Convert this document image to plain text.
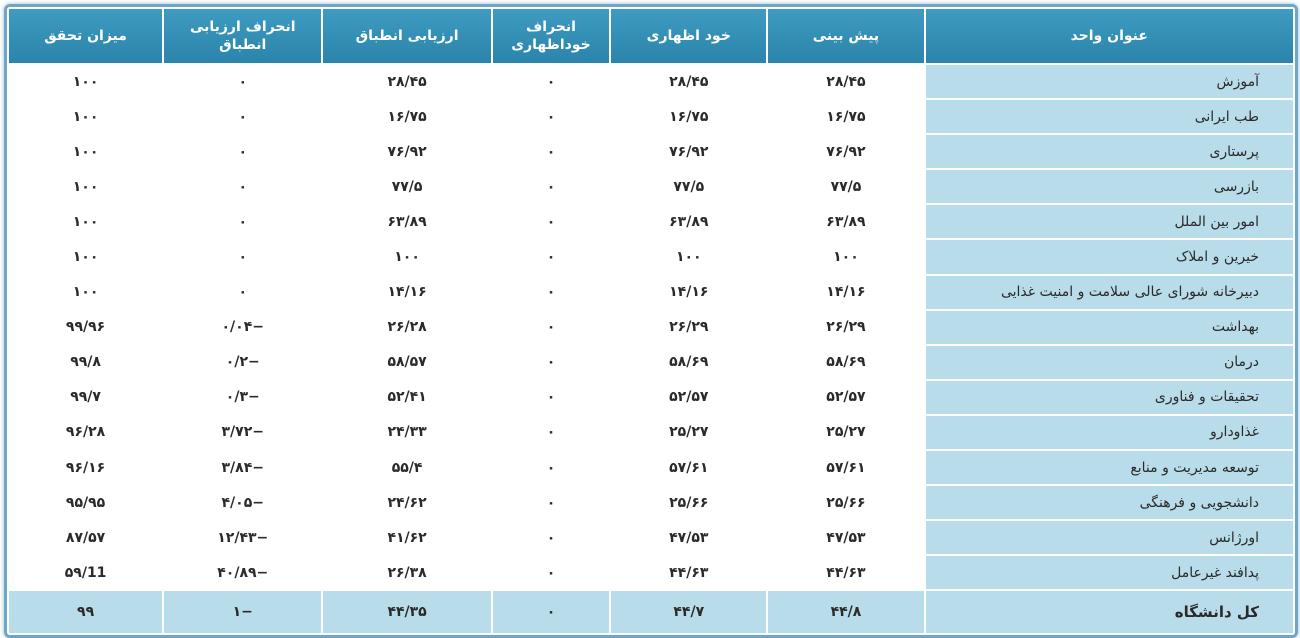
عنوان واحد	پیش بینی	خود اظهاری	انحراف خوداظهاری	ارزیابی انطباق	انحراف ارزیابی انطباق	میزان تحقق
آموزش	۲۸/۴۵	۲۸/۴۵	۰	۲۸/۴۵	۰	۱۰۰
طب ایرانی	۱۶/۷۵	۱۶/۷۵	۰	۱۶/۷۵	۰	۱۰۰
پرستاری	۷۶/۹۲	۷۶/۹۲	۰	۷۶/۹۲	۰	۱۰۰
بازرسی	۷۷/۵	۷۷/۵	۰	۷۷/۵	۰	۱۰۰
امور بین الملل	۶۳/۸۹	۶۳/۸۹	۰	۶۳/۸۹	۰	۱۰۰
خیرین و املاک	۱۰۰	۱۰۰	۰	۱۰۰	۰	۱۰۰
دبیرخانه شورای عالی سلامت و امنیت غذایی	۱۴/۱۶	۱۴/۱۶	۰	۱۴/۱۶	۰	۱۰۰
بهداشت	۲۶/۲۹	۲۶/۲۹	۰	۲۶/۲۸	−۰/۰۴	۹۹/۹۶
درمان	۵۸/۶۹	۵۸/۶۹	۰	۵۸/۵۷	−۰/۲	۹۹/۸
تحقیقات و فناوری	۵۲/۵۷	۵۲/۵۷	۰	۵۲/۴۱	−۰/۳	۹۹/۷
غذاودارو	۲۵/۲۷	۲۵/۲۷	۰	۲۴/۳۳	−۳/۷۲	۹۶/۲۸
توسعه مدیریت و منابع	۵۷/۶۱	۵۷/۶۱	۰	۵۵/۴	−۳/۸۴	۹۶/۱۶
دانشجویی و فرهنگی	۲۵/۶۶	۲۵/۶۶	۰	۲۴/۶۲	−۴/۰۵	۹۵/۹۵
اورژانس	۴۷/۵۳	۴۷/۵۳	۰	۴۱/۶۲	−۱۲/۴۳	۸۷/۵۷
پدافند غیرعامل	۴۴/۶۳	۴۴/۶۳	۰	۲۶/۳۸	−۴۰/۸۹	۵۹/11
کل دانشگاه	۴۴/۸	۴۴/۷	۰	۴۴/۳۵	−۱	۹۹
